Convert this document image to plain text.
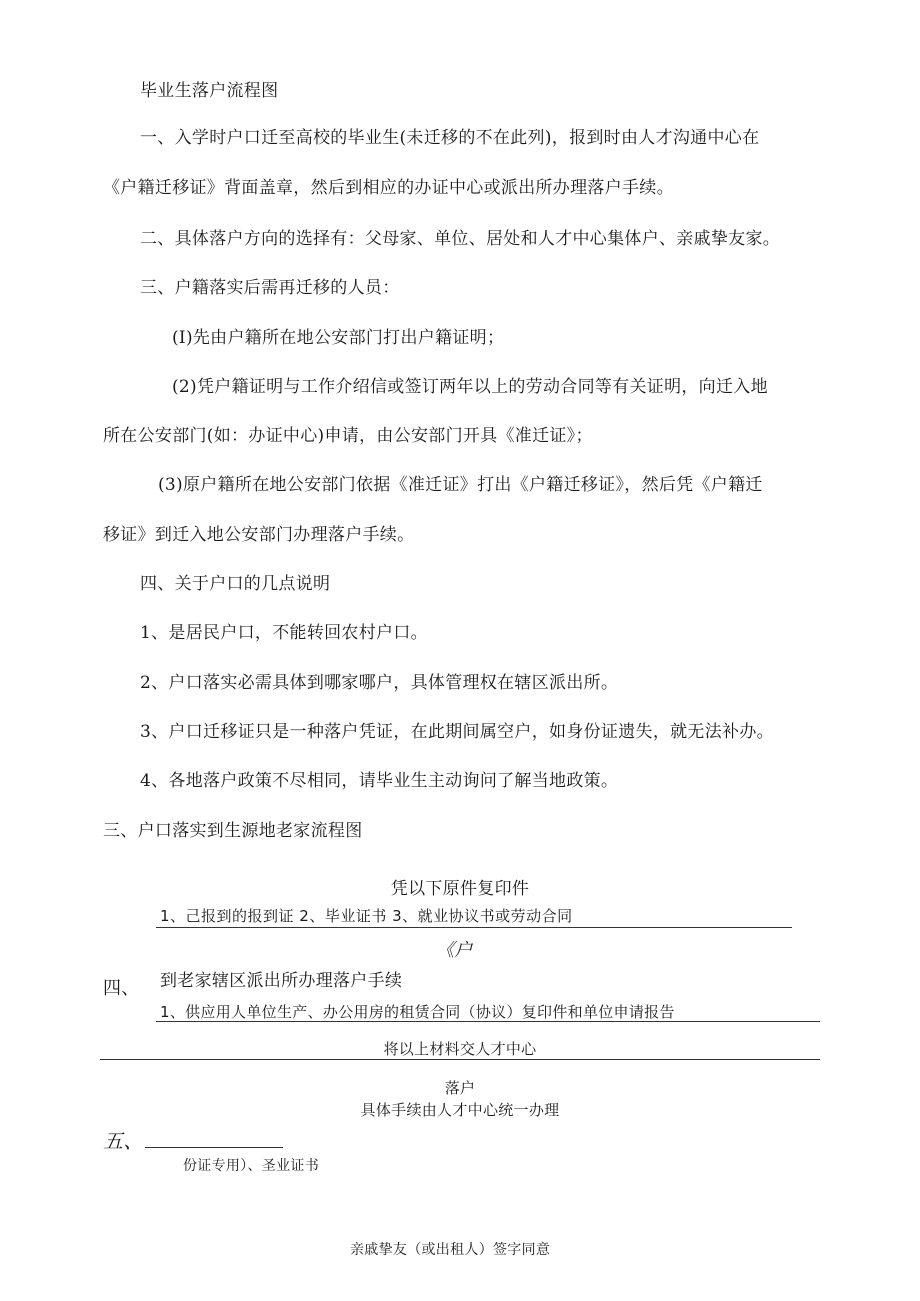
毕业生落户流程图
一、入学时户口迁至高校的毕业生(未迁移的不在此列)，报到时由人才沟通中心在
《户籍迁移证》背面盖章，然后到相应的办证中心或派出所办理落户手续。
二、具体落户方向的选择有：父母家、单位、居处和人才中心集体户、亲戚挚友家。
三、户籍落实后需再迁移的人员：
(I)先由户籍所在地公安部门打出户籍证明；
(2)凭户籍证明与工作介绍信或签订两年以上的劳动合同等有关证明，向迁入地
所在公安部门(如：办证中心)申请，由公安部门开具《准迁证》；
(3)原户籍所在地公安部门依据《准迁证》打出《户籍迁移证》，然后凭《户籍迁
移证》到迁入地公安部门办理落户手续。
四、关于户口的几点说明
1、是居民户口，不能转回农村户口。
2、户口落实必需具体到哪家哪户，具体管理权在辖区派出所。
3、户口迁移证只是一种落户凭证，在此期间属空户，如身份证遗失，就无法补办。
4、各地落户政策不尽相同，请毕业生主动询问了解当地政策。
三、户口落实到生源地老家流程图
凭以下原件复印件
1、己报到的报到证 2、毕业证书 3、就业协议书或劳动合同
《户
四、 到老家辖区派出所办理落户手续
1、供应用人单位生产、办公用房的租赁合同（协议）复印件和单位申请报告
将以上材料交人才中心
落户
具体手续由人才中心统一办理
五、
份证专用）、圣业证书
亲戚挚友（或出租人）签字同意
